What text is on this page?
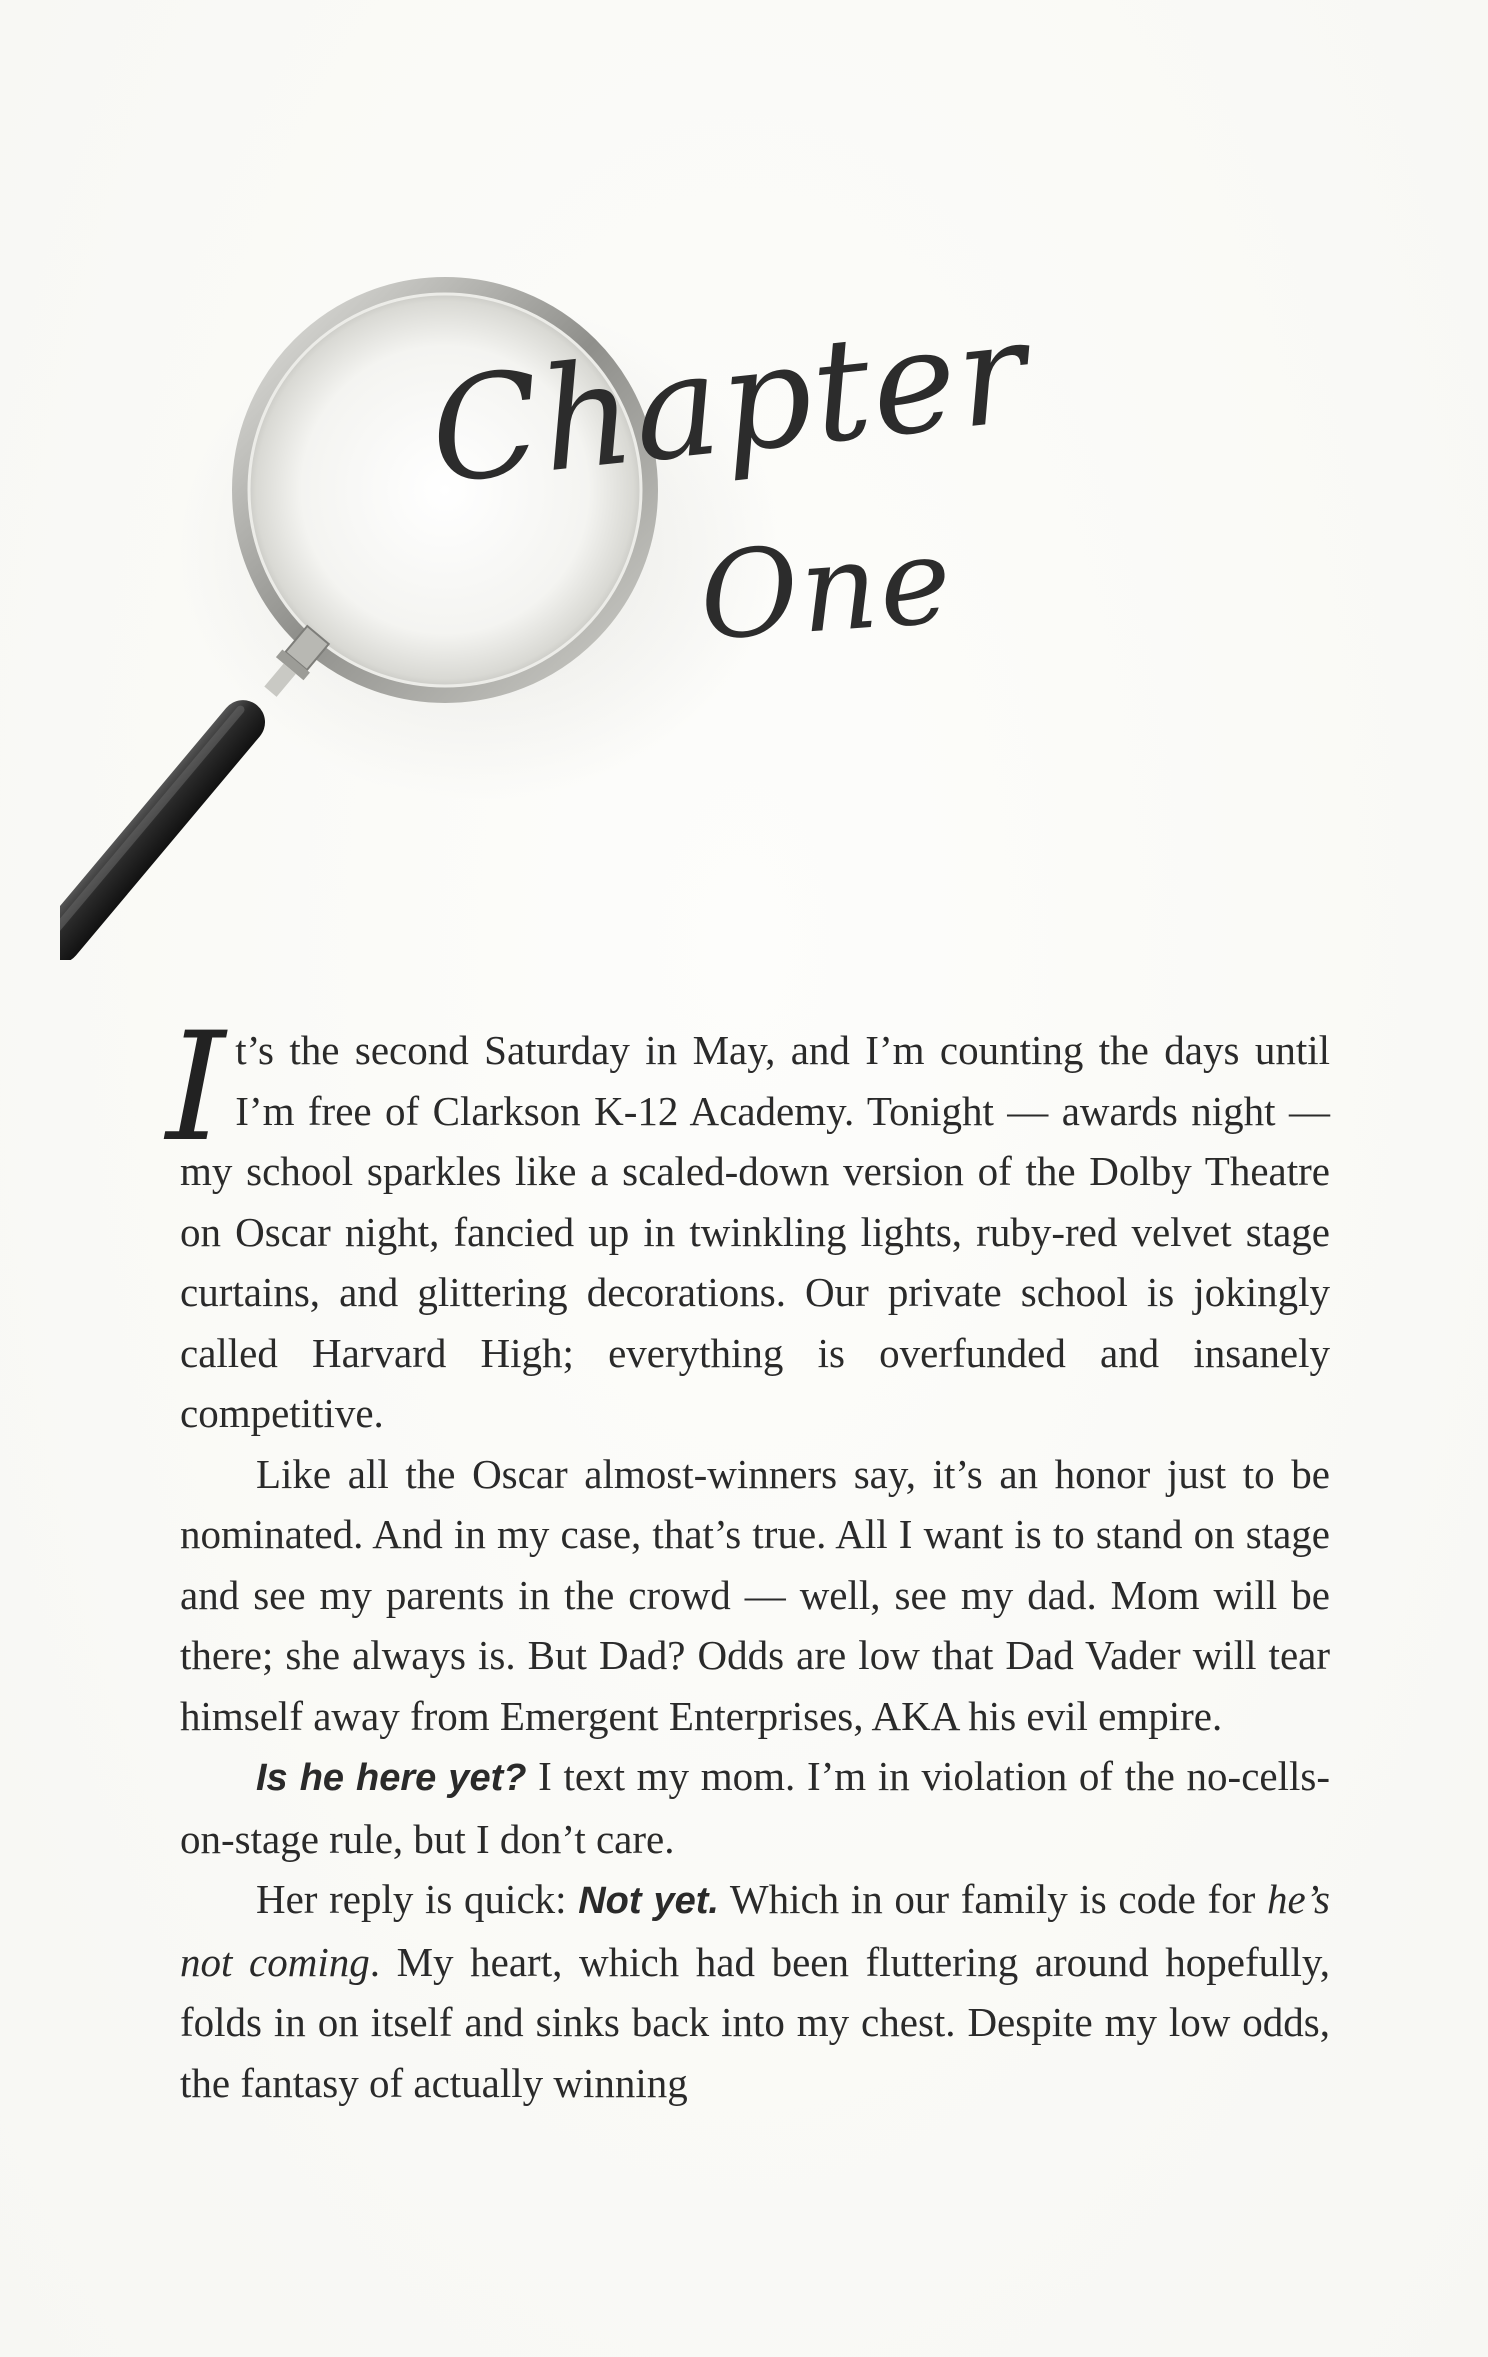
Chapter
One

It’s the second Saturday in May, and I’m counting the days until I’m free of Clarkson K-12 Academy. Tonight — awards night — my school sparkles like a scaled-down version of the Dolby Theatre on Oscar night, fancied up in twinkling lights, ruby-red velvet stage curtains, and glittering decorations. Our private school is jokingly called Harvard High; everything is overfunded and insanely competitive.

Like all the Oscar almost-winners say, it’s an honor just to be nominated. And in my case, that’s true. All I want is to stand on stage and see my parents in the crowd — well, see my dad. Mom will be there; she always is. But Dad? Odds are low that Dad Vader will tear himself away from Emergent Enterprises, AKA his evil empire.

Is he here yet? I text my mom. I’m in violation of the no-cells-on-stage rule, but I don’t care.

Her reply is quick: Not yet. Which in our family is code for he’s not coming. My heart, which had been fluttering around hopefully, folds in on itself and sinks back into my chest. Despite my low odds, the fantasy of actually winning
